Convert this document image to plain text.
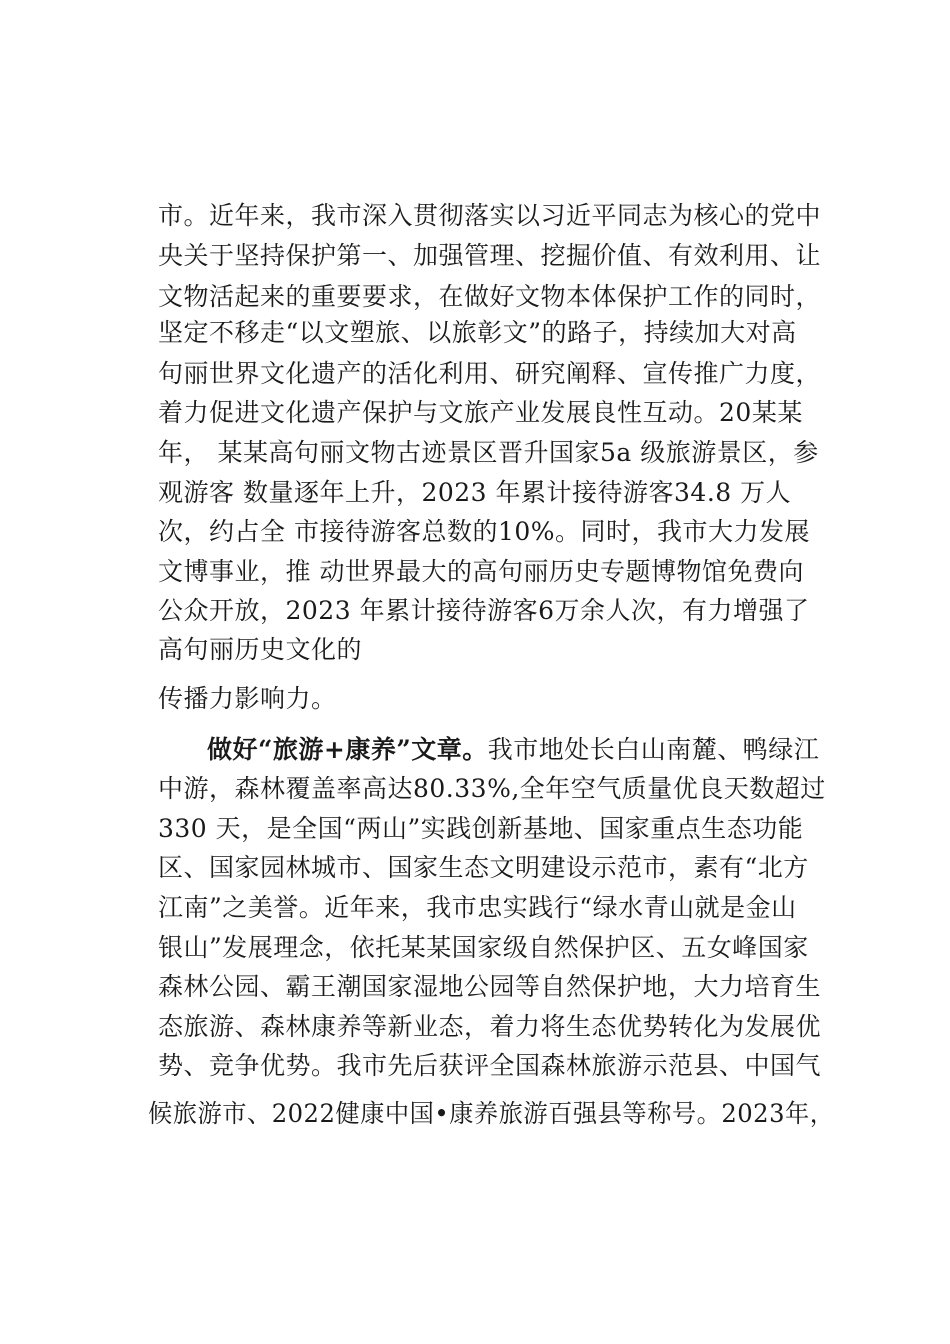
市。近年来，我市深入贯彻落实以习近平同志为核心的党中
央关于坚持保护第一、加强管理、挖掘价值、有效利用、让
文物活起来的重要要求，在做好文物本体保护工作的同时，
坚定不移走“以文塑旅、以旅彰文”的路子，持续加大对高
句丽世界文化遗产的活化利用、研究阐释、宣传推广力度，
着力促进文化遗产保护与文旅产业发展良性互动。20某某
年， 某某高句丽文物古迹景区晋升国家5a 级旅游景区，参
观游客 数量逐年上升，2023 年累计接待游客34.8 万人
次，约占全 市接待游客总数的10%。同时，我市大力发展
文博事业，推 动世界最大的高句丽历史专题博物馆免费向
公众开放，2023 年累计接待游客6万余人次，有力增强了
高句丽历史文化的
传播力影响力。
做好“旅游+康养”文章。我市地处长白山南麓、鸭绿江
中游，森林覆盖率高达80.33%,全年空气质量优良天数超过
330 天，是全国“两山”实践创新基地、国家重点生态功能
区、国家园林城市、国家生态文明建设示范市，素有“北方
江南”之美誉。近年来，我市忠实践行“绿水青山就是金山
银山”发展理念，依托某某国家级自然保护区、五女峰国家
森林公园、霸王潮国家湿地公园等自然保护地，大力培育生
态旅游、森林康养等新业态，着力将生态优势转化为发展优
势、竞争优势。我市先后获评全国森林旅游示范县、中国气
候旅游市、2022健康中国•康养旅游百强县等称号。2023年，
